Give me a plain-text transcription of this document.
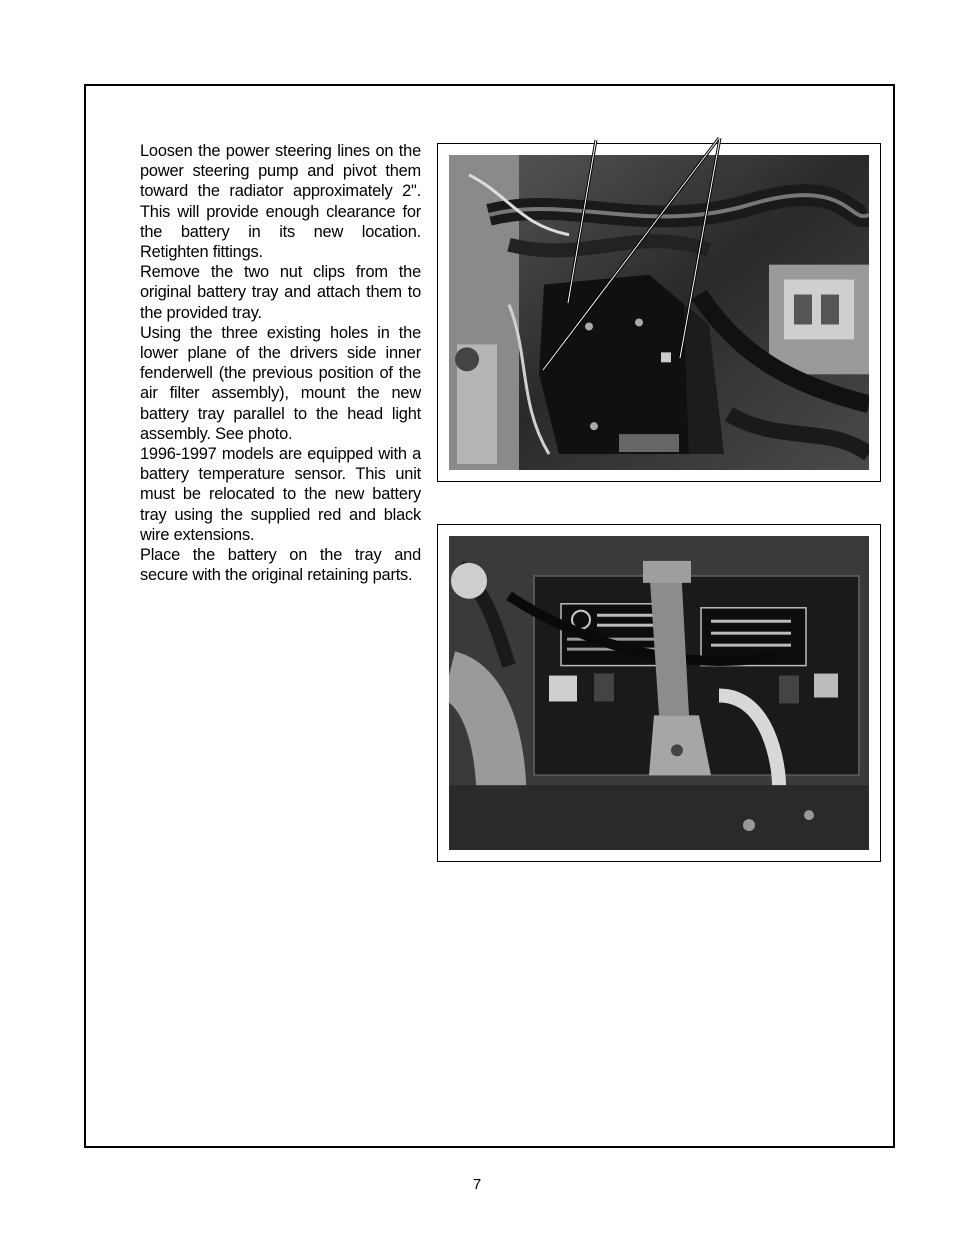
Loosen the power steering lines on the power steering pump and pivot them toward the radiator approximately 2". This will provide enough clearance for the battery in its new location. Retighten fittings.

Remove the two nut clips from the original battery tray and attach them to the provided tray.

Using the three existing holes in the lower plane of the drivers side inner fenderwell (the previous position of the air filter assembly), mount the new battery tray parallel to the head light assembly. See photo.

1996-1997 models are equipped with a battery temperature sensor. This unit must be relocated to the new battery tray using the supplied red and black wire extensions.

Place the battery on the tray and secure with the original retaining parts.

7
